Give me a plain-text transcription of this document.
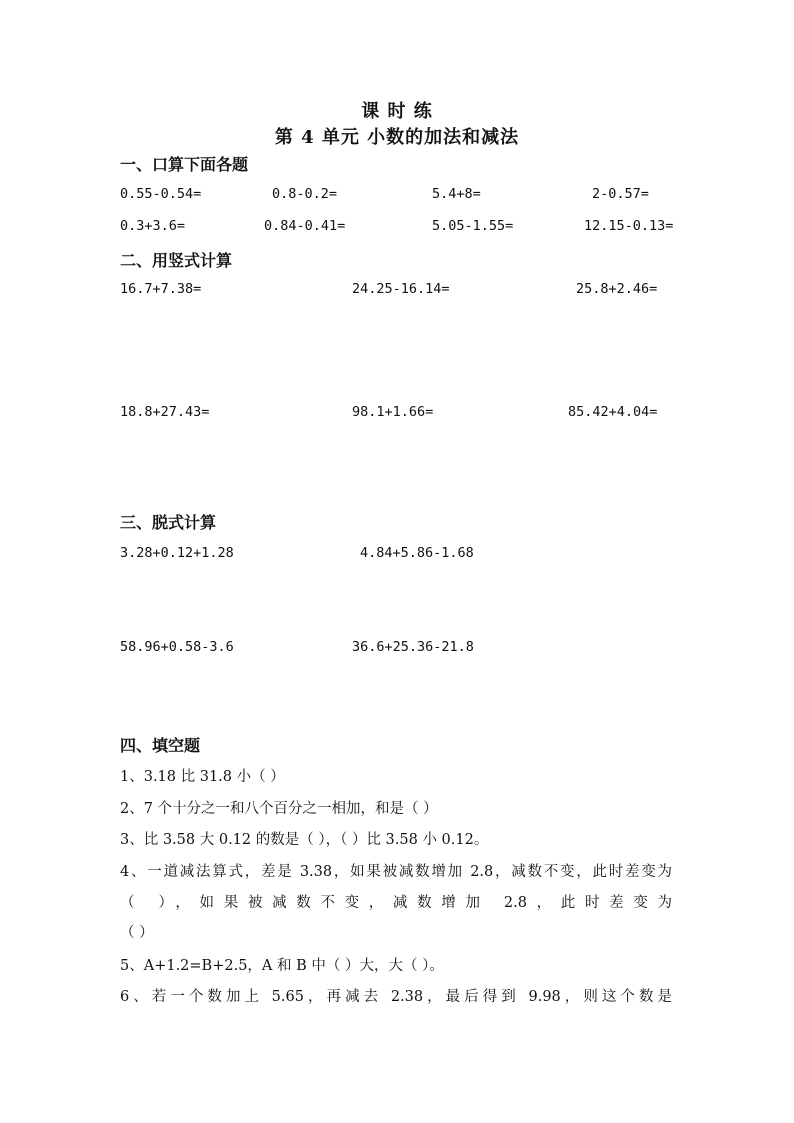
课 时 练
第 4 单元 小数的加法和减法
一、口算下面各题
0.55-0.54=	0.8-0.2=	5.4+8=	2-0.57=
0.3+3.6=	0.84-0.41=	5.05-1.55=	12.15-0.13=
二、用竖式计算
16.7+7.38=	24.25-16.14=	25.8+2.46=
18.8+27.43=	98.1+1.66=	85.42+4.04=
三、脱式计算
3.28+0.12+1.28	4.84+5.86-1.68
58.96+0.58-3.6	36.6+25.36-21.8
四、填空题
1、3.18 比 31.8 小（ ）
2、7 个十分之一和八个百分之一相加，和是（ ）
3、比 3.58 大 0.12 的数是（ ），（ ）比 3.58 小 0.12。
4、一道减法算式，差是 3.38，如果被减数增加 2.8，减数不变，此时差变为
（ ），如果被减数不变，减数增加 2.8，此时差变为
（ ）
5、A+1.2=B+2.5，A 和 B 中（ ）大，大（ ）。
6、若一个数加上 5.65，再减去 2.38，最后得到 9.98，则这个数是
